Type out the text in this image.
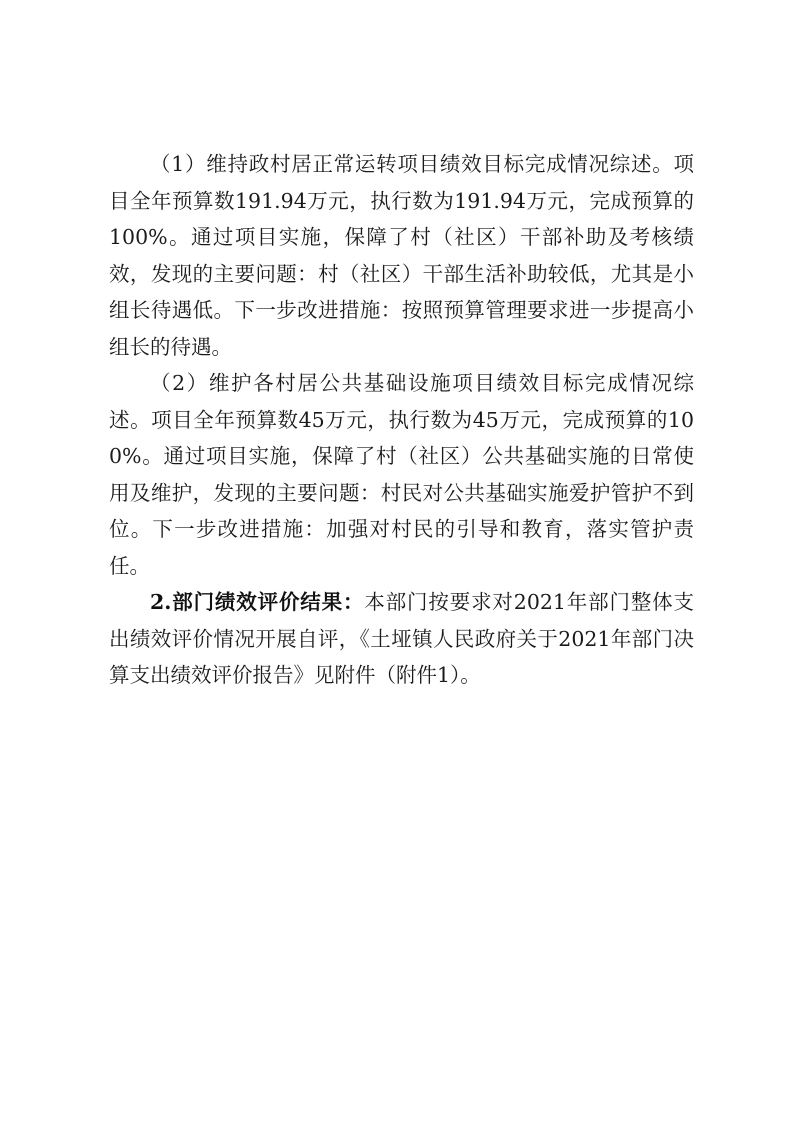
（1）维持政村居正常运转项目绩效目标完成情况综述。项目全年预算数191.94万元，执行数为191.94万元，完成预算的100%。通过项目实施，保障了村（社区）干部补助及考核绩效，发现的主要问题：村（社区）干部生活补助较低，尤其是小组长待遇低。下一步改进措施：按照预算管理要求进一步提高小组长的待遇。

（2）维护各村居公共基础设施项目绩效目标完成情况综述。项目全年预算数45万元，执行数为45万元，完成预算的100%。通过项目实施，保障了村（社区）公共基础实施的日常使用及维护，发现的主要问题：村民对公共基础实施爱护管护不到位。下一步改进措施：加强对村民的引导和教育，落实管护责任。

2.部门绩效评价结果：本部门按要求对2021年部门整体支出绩效评价情况开展自评，《土垭镇人民政府关于2021年部门决算支出绩效评价报告》见附件（附件1）。
